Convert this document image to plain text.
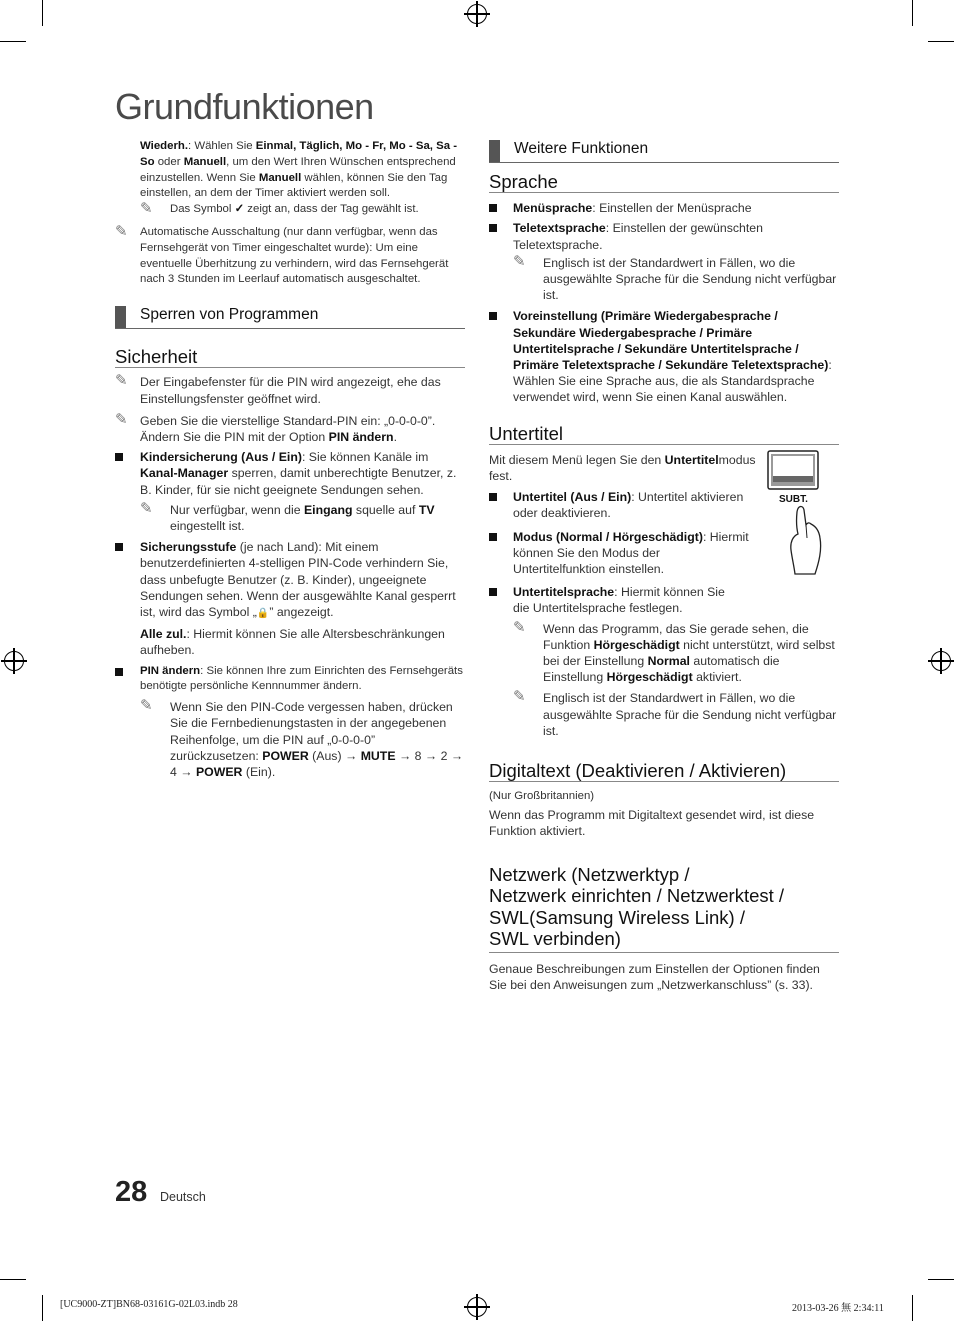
Grundfunktionen

Wiederh.: Wählen Sie Einmal, Täglich, Mo - Fr, Mo - Sa, Sa - So oder Manuell, um den Wert Ihren Wünschen entsprechend einzustellen. Wenn Sie Manuell wählen, können Sie den Tag einstellen, an dem der Timer aktiviert werden soll.

✎ Das Symbol ✓ zeigt an, dass der Tag gewählt ist.
✎ Automatische Ausschaltung (nur dann verfügbar, wenn das Fernsehgerät von Timer eingeschaltet wurde): Um eine eventuelle Überhitzung zu verhindern, wird das Fernsehgerät nach 3 Stunden im Leerlauf automatisch ausgeschaltet.
Sperren von Programmen
Sicherheit
✎ Der Eingabefenster für die PIN wird angezeigt, ehe das Einstellungsfenster geöffnet wird.
✎ Geben Sie die vierstellige Standard-PIN ein: „0-0-0-0”. Ändern Sie die PIN mit der Option PIN ändern.
Kindersicherung (Aus / Ein): Sie können Kanäle im Kanal-Manager sperren, damit unberechtigte Benutzer, z. B. Kinder, für sie nicht geeignete Sendungen sehen.
✎ Nur verfügbar, wenn die Eingang squelle auf TV eingestellt ist.
Sicherungsstufe (je nach Land): Mit einem benutzerdefinierten 4-stelligen PIN-Code verhindern Sie, dass unbefugte Benutzer (z. B. Kinder), ungeeignete Sendungen sehen. Wenn der ausgewählte Kanal gesperrt ist, wird das Symbol „🔒” angezeigt.

Alle zul.: Hiermit können Sie alle Altersbeschränkungen aufheben.

PIN ändern: Sie können Ihre zum Einrichten des Fernsehgeräts benötigte persönliche Kennnummer ändern.
✎ Wenn Sie den PIN-Code vergessen haben, drücken Sie die Fernbedienungstasten in der angegebenen Reihenfolge, um die PIN auf „0-0-0-0” zurückzusetzen: POWER (Aus) → MUTE → 8 → 2 → 4 → POWER (Ein).
Weitere Funktionen
Sprache
Menüsprache: Einstellen der Menüsprache
Teletextsprache: Einstellen der gewünschten Teletextsprache.
✎ Englisch ist der Standardwert in Fällen, wo die ausgewählte Sprache für die Sendung nicht verfügbar ist.
Voreinstellung (Primäre Wiedergabesprache / Sekundäre Wiedergabesprache / Primäre Untertitelsprache / Sekundäre Untertitelsprache / Primäre Teletextsprache / Sekundäre Teletextsprache): Wählen Sie eine Sprache aus, die als Standardsprache verwendet wird, wenn Sie einen Kanal auswählen.
Untertitel
SUBT.

Mit diesem Menü legen Sie den Untertitelmodus fest.

Untertitel (Aus / Ein): Untertitel aktivieren oder deaktivieren.
Modus (Normal / Hörgeschädigt): Hiermit können Sie den Modus der Untertitelfunktion einstellen.
Untertitelsprache: Hiermit können Sie die Untertitelsprache festlegen.
✎ Wenn das Programm, das Sie gerade sehen, die Funktion Hörgeschädigt nicht unterstützt, wird selbst bei der Einstellung Normal automatisch die Einstellung Hörgeschädigt aktiviert.
✎ Englisch ist der Standardwert in Fällen, wo die ausgewählte Sprache für die Sendung nicht verfügbar ist.
Digitaltext (Deaktivieren / Aktivieren)

(Nur Großbritannien)

Wenn das Programm mit Digitaltext gesendet wird, ist diese Funktion aktiviert.

Netzwerk (Netzwerktyp /
Netzwerk einrichten / Netzwerktest /
SWL(Samsung Wireless Link) /
SWL verbinden)

Genaue Beschreibungen zum Einstellen der Optionen finden Sie bei den Anweisungen zum „Netzwerkanschluss” (s. 33).

28 Deutsch
[UC9000-ZT]BN68-03161G-02L03.indb 28	2013-03-26 無 2:34:11
